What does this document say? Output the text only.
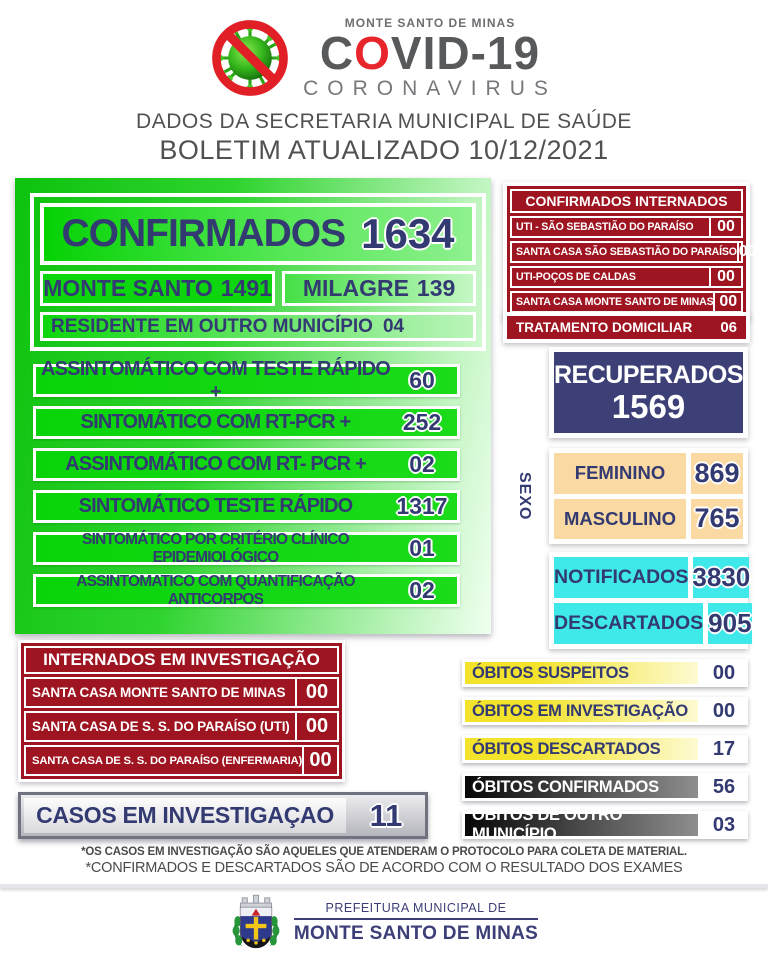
MONTE SANTO DE MINAS
COVID-19
CORONAVIRUS
DADOS DA SECRETARIA MUNICIPAL DE SAÚDE
BOLETIM ATUALIZADO 10/12/2021
CONFIRMADOS 1634
MONTE SANTO 1491 MILAGRE 139
RESIDENTE EM OUTRO MUNICÍPIO 04
ASSINTOMÁTICO COM TESTE RÁPIDO +	60
SINTOMÁTICO COM RT-PCR +	252
ASSINTOMÁTICO COM RT- PCR +	02
SINTOMÁTICO TESTE RÁPIDO	1317
SINTOMÁTICO POR CRITÉRIO CLÍNICO EPIDEMIOLÓGICO	01
ASSINTOMATICO COM QUANTIFICAÇÃO ANTICORPOS	02
CONFIRMADOS INTERNADOS
UTI - SÃO SEBASTIÃO DO PARAÍSO	00
SANTA CASA SÃO SEBASTIÃO DO PARAÍSO 00
UTI-POÇOS DE CALDAS	00
SANTA CASA MONTE SANTO DE MINAS 00
TRATAMENTO DOMICILIAR 06
RECUPERADOS
1569
SEXO	FEMININO	869
MASCULINO 765
NOTIFICADOS 3830
DESCARTADOS 905
ÓBITOS SUSPEITOS	00
ÓBITOS EM INVESTIGAÇÃO	00
ÓBITOS DESCARTADOS	17
ÓBITOS CONFIRMADOS	56
ÓBITOS DE OUTRO MUNICÍPIO	03
INTERNADOS EM INVESTIGAÇÃO
SANTA CASA MONTE SANTO DE MINAS	00
SANTA CASA DE S. S. DO PARAÍSO (UTI) 00
SANTA CASA DE S. S. DO PARAÍSO (ENFERMARIA) 00
CASOS EM INVESTIGAÇAO	11
*OS CASOS EM INVESTIGAÇÃO SÃO AQUELES QUE ATENDERAM O PROTOCOLO PARA COLETA DE MATERIAL.
*CONFIRMADOS E DESCARTADOS SÃO DE ACORDO COM O RESULTADO DOS EXAMES
PREFEITURA MUNICIPAL DE
MONTE SANTO DE MINAS
